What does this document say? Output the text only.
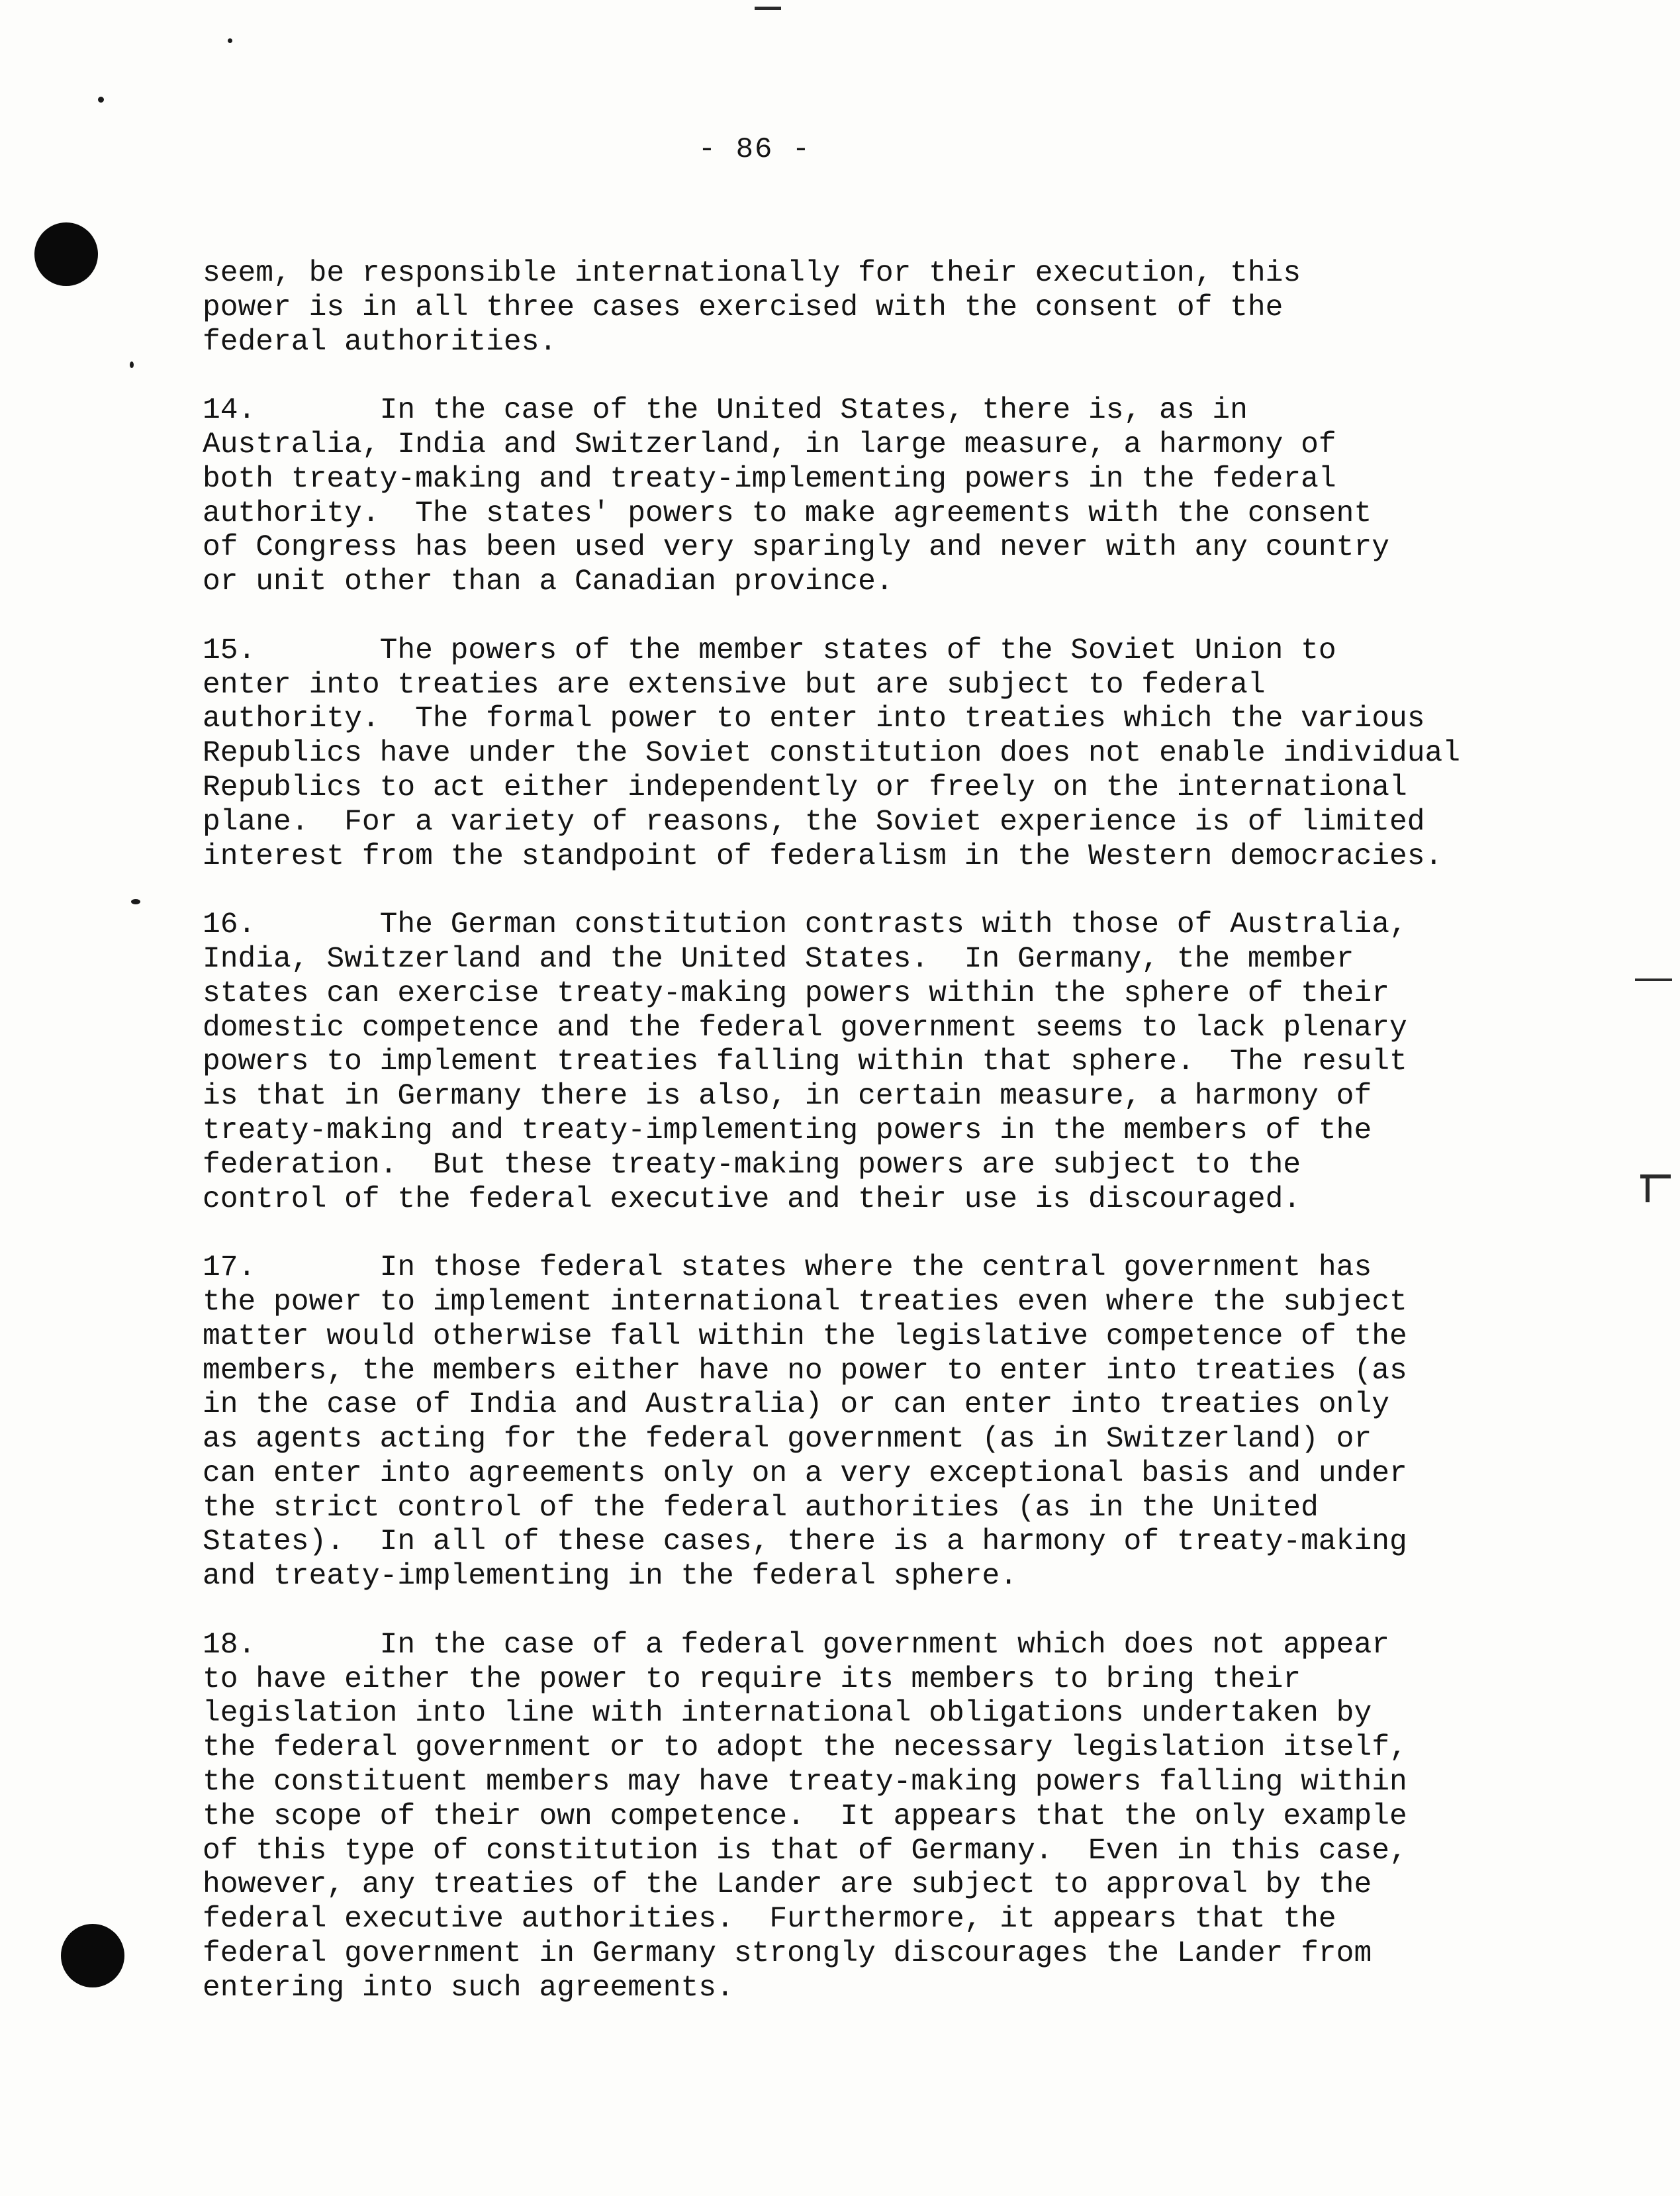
- 86 -

seem, be responsible internationally for their execution, this

power is in all three cases exercised with the consent of the

federal authorities.

14.       In the case of the United States, there is, as in

Australia, India and Switzerland, in large measure, a harmony of

both treaty-making and treaty-implementing powers in the federal

authority.  The states' powers to make agreements with the consent

of Congress has been used very sparingly and never with any country

or unit other than a Canadian province.

15.       The powers of the member states of the Soviet Union to

enter into treaties are extensive but are subject to federal

authority.  The formal power to enter into treaties which the various

Republics have under the Soviet constitution does not enable individual

Republics to act either independently or freely on the international

plane.  For a variety of reasons, the Soviet experience is of limited

interest from the standpoint of federalism in the Western democracies.

16.       The German constitution contrasts with those of Australia,

India, Switzerland and the United States.  In Germany, the member

states can exercise treaty-making powers within the sphere of their

domestic competence and the federal government seems to lack plenary

powers to implement treaties falling within that sphere.  The result

is that in Germany there is also, in certain measure, a harmony of

treaty-making and treaty-implementing powers in the members of the

federation.  But these treaty-making powers are subject to the

control of the federal executive and their use is discouraged.

17.       In those federal states where the central government has

the power to implement international treaties even where the subject

matter would otherwise fall within the legislative competence of the

members, the members either have no power to enter into treaties (as

in the case of India and Australia) or can enter into treaties only

as agents acting for the federal government (as in Switzerland) or

can enter into agreements only on a very exceptional basis and under

the strict control of the federal authorities (as in the United

States).  In all of these cases, there is a harmony of treaty-making

and treaty-implementing in the federal sphere.

18.       In the case of a federal government which does not appear

to have either the power to require its members to bring their

legislation into line with international obligations undertaken by

the federal government or to adopt the necessary legislation itself,

the constituent members may have treaty-making powers falling within

the scope of their own competence.  It appears that the only example

of this type of constitution is that of Germany.  Even in this case,

however, any treaties of the Lander are subject to approval by the

federal executive authorities.  Furthermore, it appears that the

federal government in Germany strongly discourages the Lander from

entering into such agreements.
